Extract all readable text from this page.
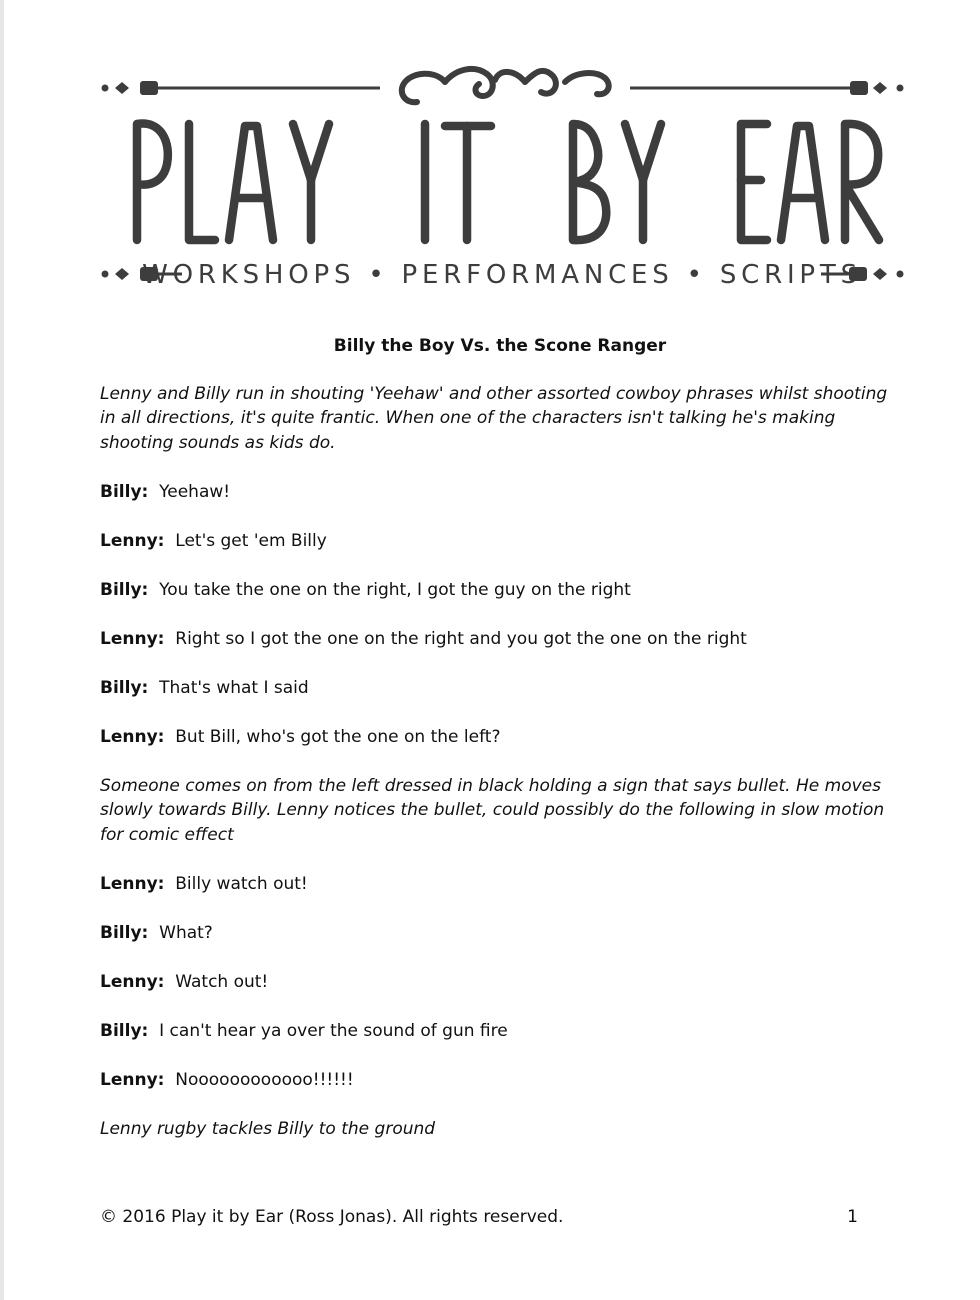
WORKSHOPS • PERFORMANCES • SCRIPTS
Billy the Boy Vs. the Scone Ranger
Lenny and Billy run in shouting 'Yeehaw' and other assorted cowboy phrases whilst shooting in all directions, it's quite frantic. When one of the characters isn't talking he's making shooting sounds as kids do.
Billy: Yeehaw!
Lenny: Let's get 'em Billy
Billy: You take the one on the right, I got the guy on the right
Lenny: Right so I got the one on the right and you got the one on the right
Billy: That's what I said
Lenny: But Bill, who's got the one on the left?
Someone comes on from the left dressed in black holding a sign that says bullet. He moves slowly towards Billy. Lenny notices the bullet, could possibly do the following in slow motion for comic effect
Lenny: Billy watch out!
Billy: What?
Lenny: Watch out!
Billy: I can't hear ya over the sound of gun fire
Lenny: Noooooooooooo!!!!!!
Lenny rugby tackles Billy to the ground
© 2016 Play it by Ear (Ross Jonas). All rights reserved.	1
